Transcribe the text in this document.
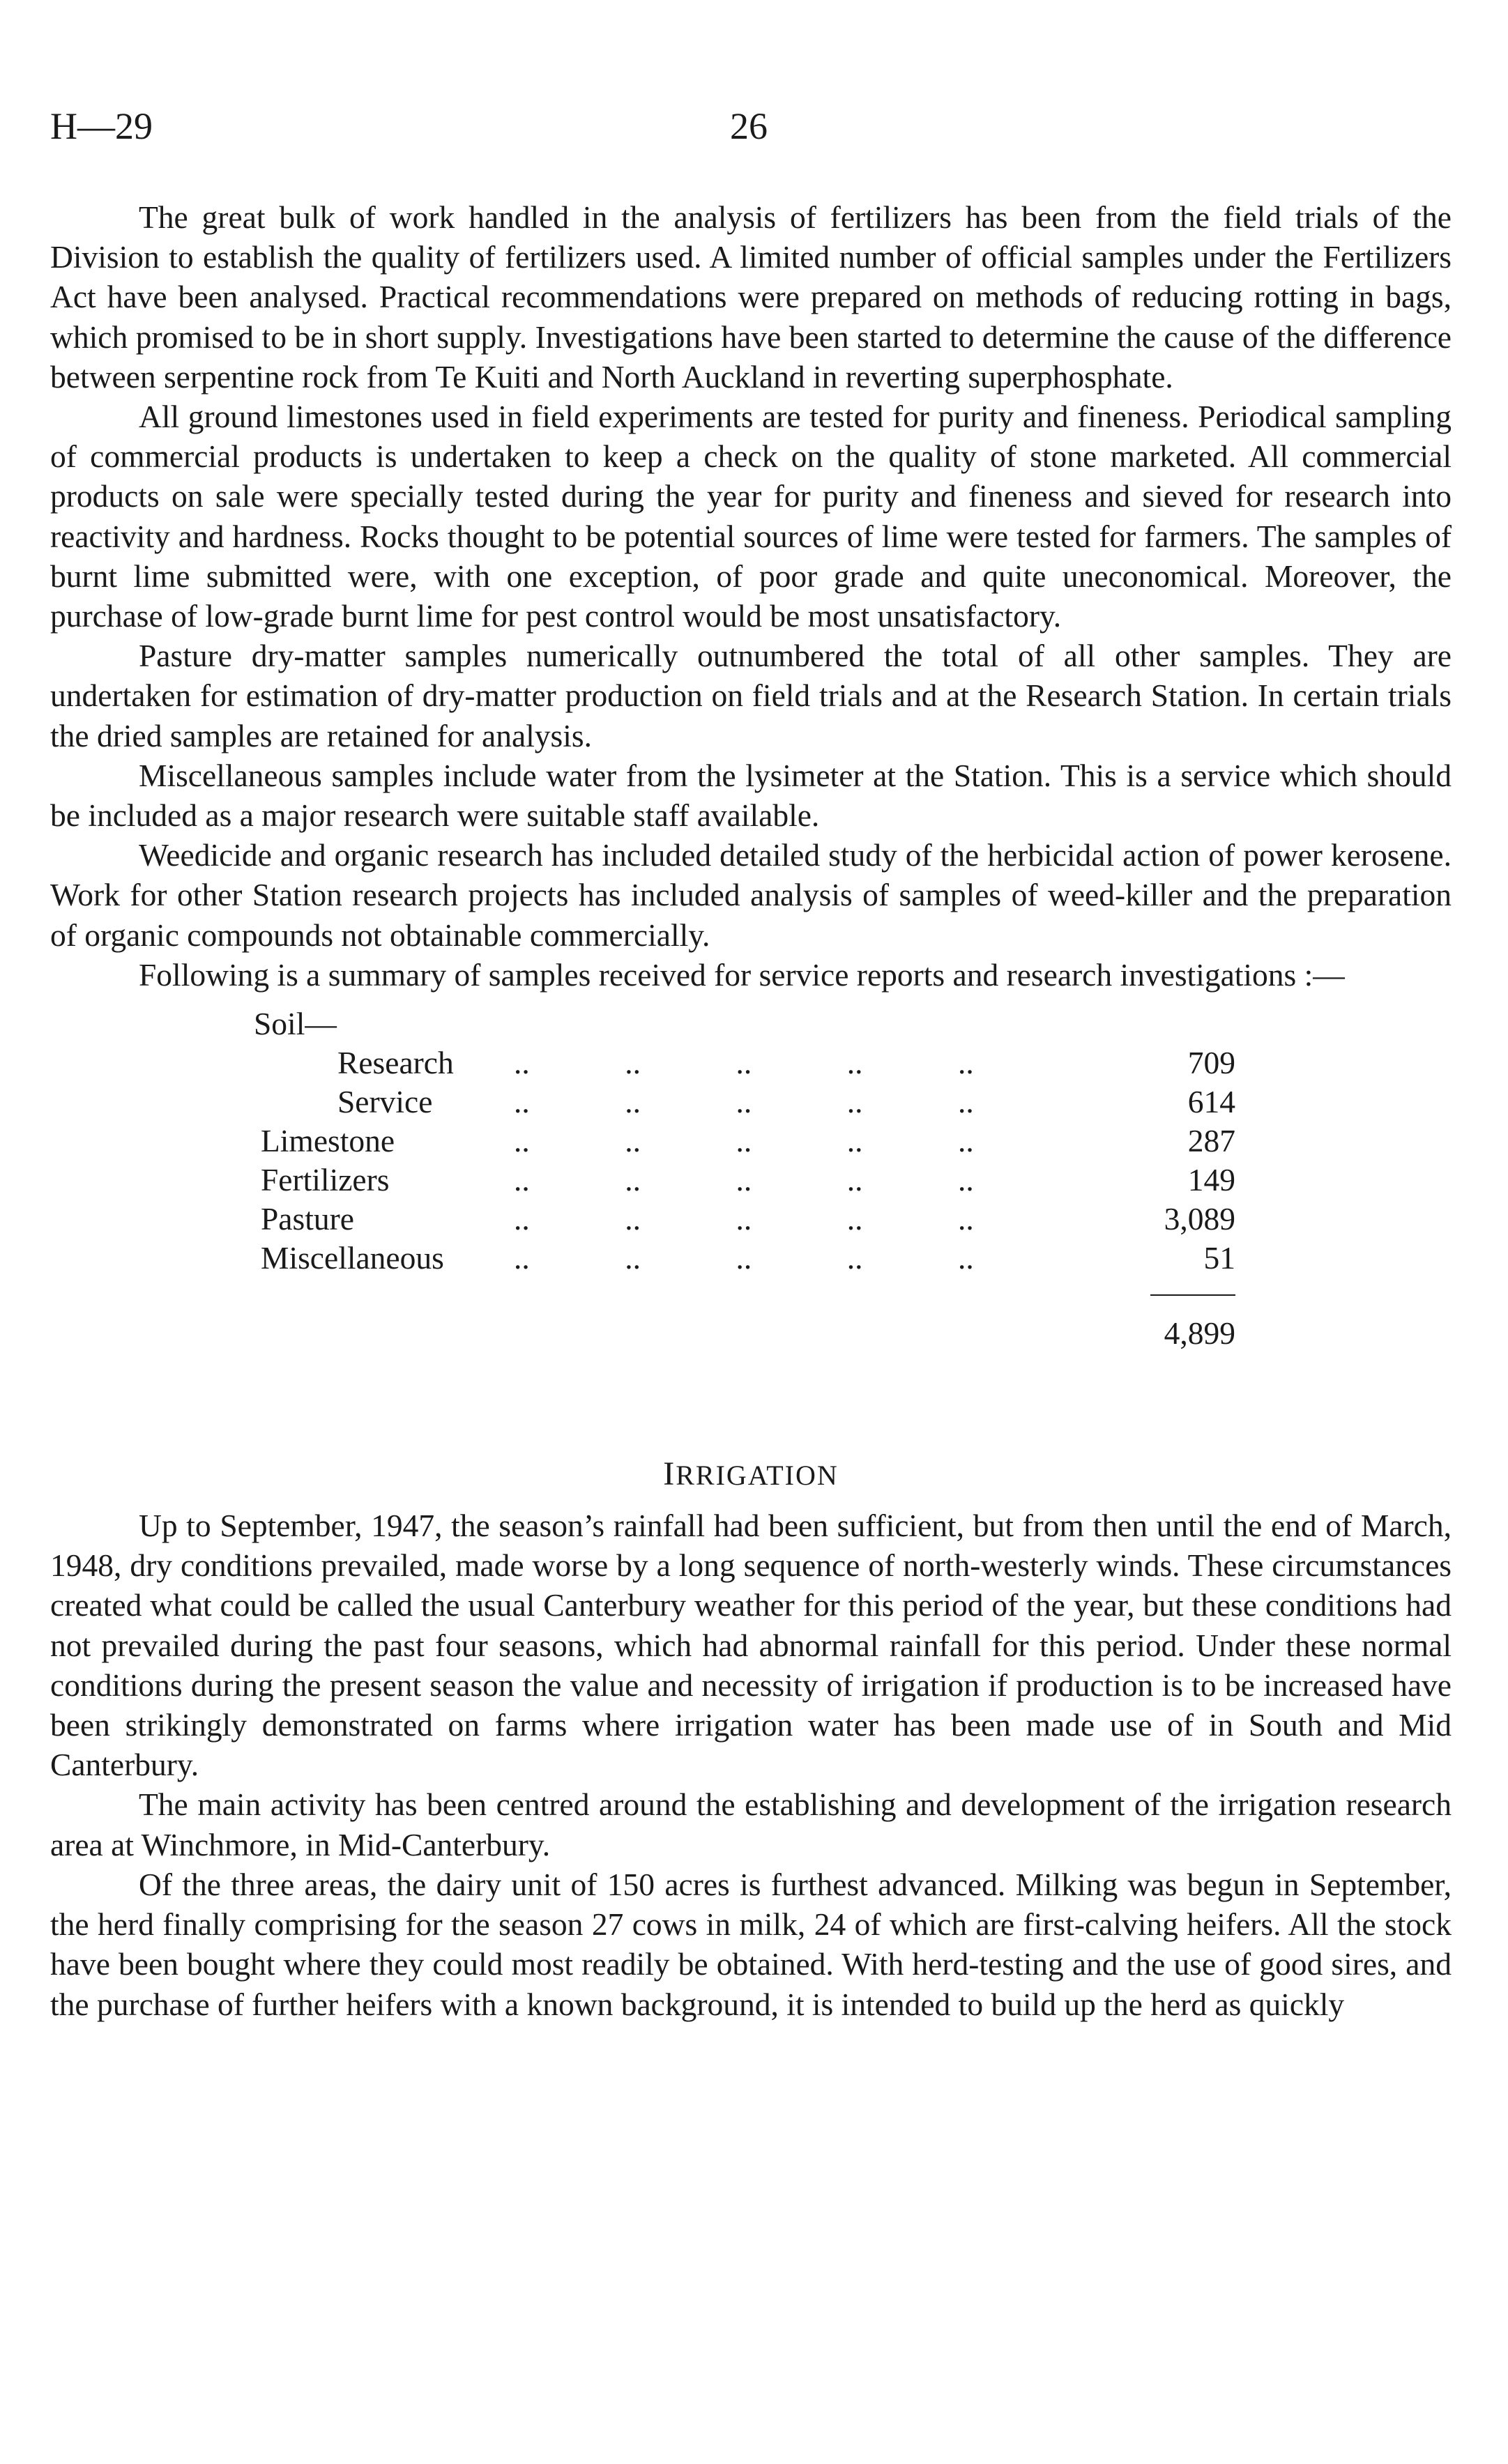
H—29	26

The great bulk of work handled in the analysis of fertilizers has been from the field trials of the Division to establish the quality of fertilizers used. A limited number of official samples under the Fertilizers Act have been analysed. Practical recommendations were prepared on methods of reducing rotting in bags, which promised to be in short supply. Investigations have been started to determine the cause of the difference between serpentine rock from Te Kuiti and North Auckland in reverting superphosphate.

All ground limestones used in field experiments are tested for purity and fineness. Periodical sampling of commercial products is undertaken to keep a check on the quality of stone marketed. All commercial products on sale were specially tested during the year for purity and fineness and sieved for research into reactivity and hardness. Rocks thought to be potential sources of lime were tested for farmers. The samples of burnt lime submitted were, with one exception, of poor grade and quite uneconomical. Moreover, the purchase of low-grade burnt lime for pest control would be most unsatisfactory.

Pasture dry-matter samples numerically outnumbered the total of all other samples. They are undertaken for estimation of dry-matter production on field trials and at the Research Station. In certain trials the dried samples are retained for analysis.

Miscellaneous samples include water from the lysimeter at the Station. This is a service which should be included as a major research were suitable staff available.

Weedicide and organic research has included detailed study of the herbicidal action of power kerosene. Work for other Station research projects has included analysis of samples of weed-killer and the preparation of organic compounds not obtainable commercially.

Following is a summary of samples received for service reports and research investigations :—

Soil—
Research ..            ..            ..            ..            ..	709
Service	..            ..            ..            ..            ..	614
Limestone	..            ..            ..            ..            ..	287
Fertilizers	..            ..            ..            ..            ..	149
Pasture	..            ..            ..            ..            ..	3,089
Miscellaneous ..            ..            ..            ..            ..	51
4,899

IRRIGATION

Up to September, 1947, the season’s rainfall had been sufficient, but from then until the end of March, 1948, dry conditions prevailed, made worse by a long sequence of north-westerly winds. These circumstances created what could be called the usual Canterbury weather for this period of the year, but these conditions had not prevailed during the past four seasons, which had abnormal rainfall for this period. Under these normal conditions during the present season the value and necessity of irrigation if production is to be increased have been strikingly demonstrated on farms where irrigation water has been made use of in South and Mid Canterbury.

The main activity has been centred around the establishing and development of the irrigation research area at Winchmore, in Mid-Canterbury.

Of the three areas, the dairy unit of 150 acres is furthest advanced. Milking was begun in September, the herd finally comprising for the season 27 cows in milk, 24 of which are first-calving heifers. All the stock have been bought where they could most readily be obtained. With herd-testing and the use of good sires, and the purchase of further heifers with a known background, it is intended to build up the herd as quickly
